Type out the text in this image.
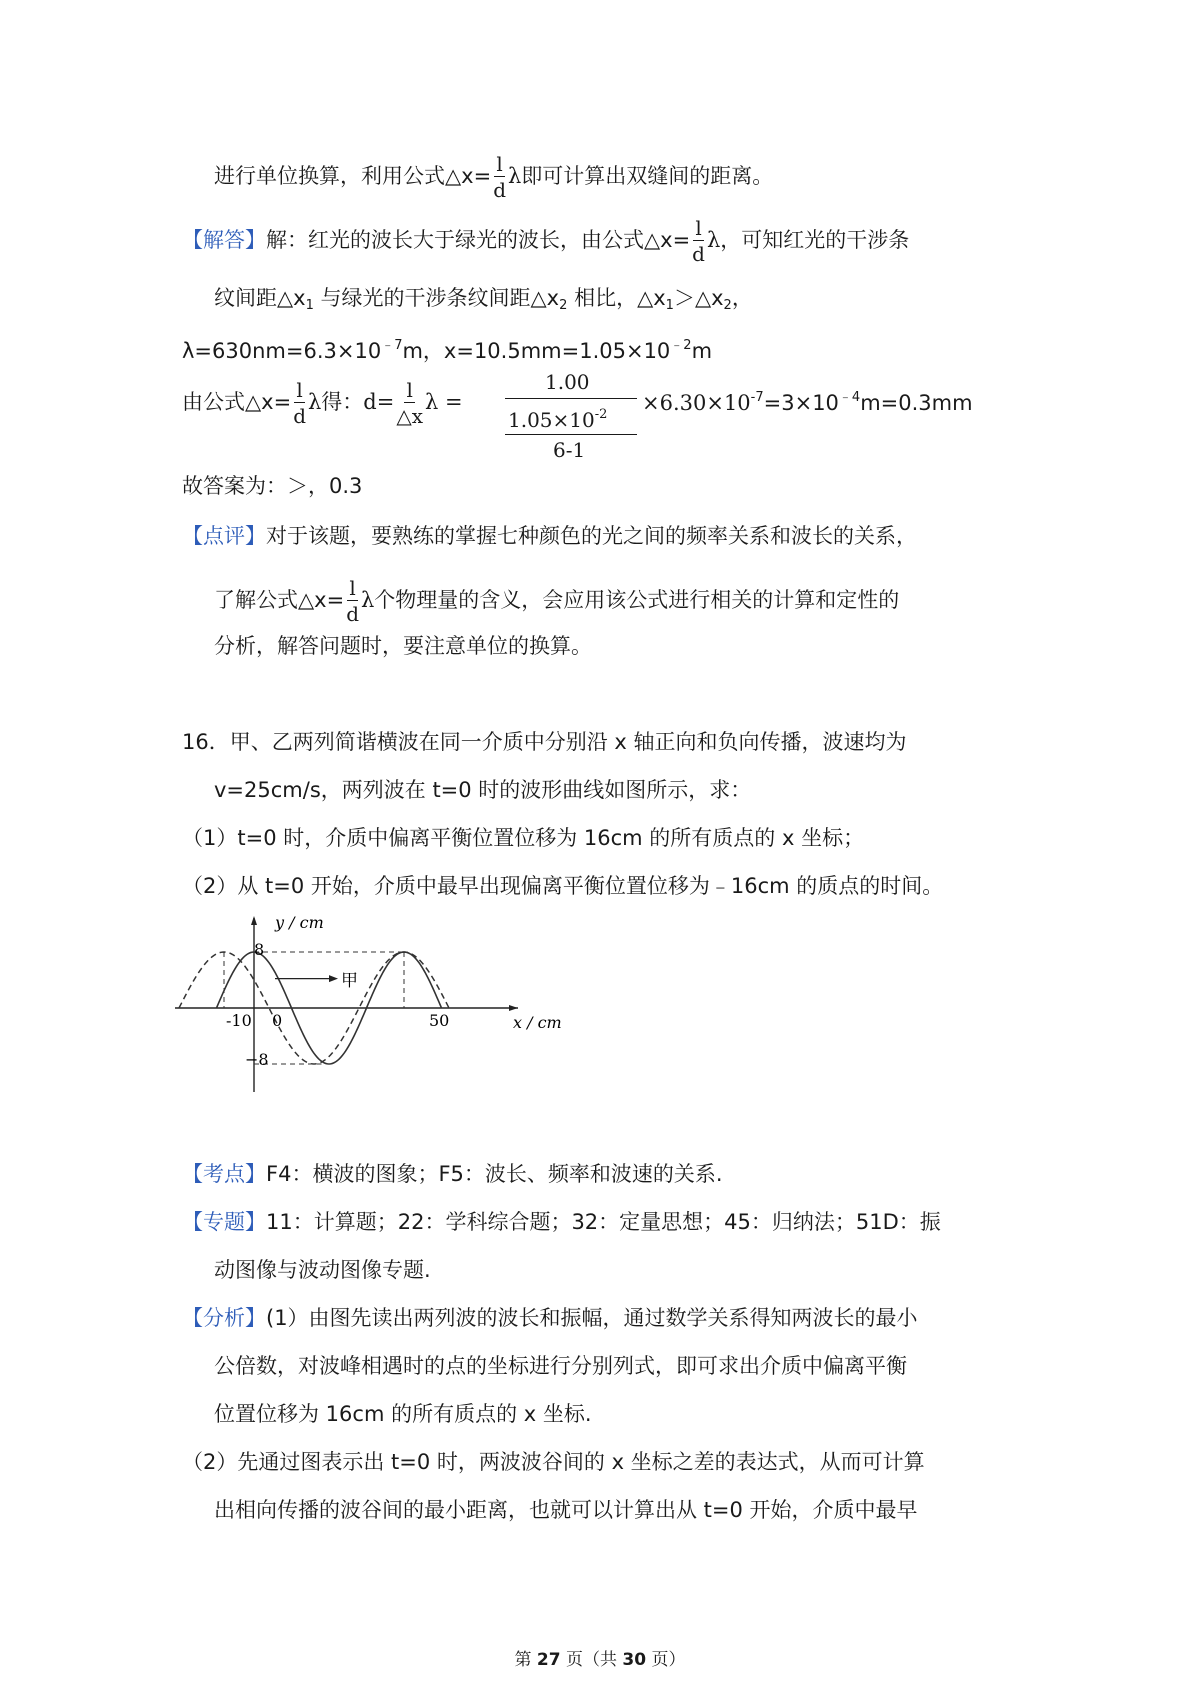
进行单位换算，利用公式△x= $\frac{l}{d}$ λ即可计算出双缝间的距离。
【解答】解：红光的波长大于绿光的波长，由公式△x= $\frac{l}{d}$ λ，可知红光的干涉条
纹间距$\triangle x_1$ 与绿光的干涉条纹间距$\triangle x_2$ 相比，$\triangle x_1>\triangle x_2$，
$\lambda=630nm=6.3\times 10^{﹣7}m$，$x=10.5mm=1.05\times 10^{﹣2}m$
由公式△x= $\frac{l}{d}$ λ得：$d= \frac{l}{\triangle x}$ λ =
1.00
$1.05\times 10^{-2}$
6-1
$\times 6.30\times 10^{-7}=3\times 10^{﹣4}m=0.3mm$
故答案为：＞，0.3
【点评】对于该题，要熟练的掌握七种颜色的光之间的频率关系和波长的关系，
了解公式△x= $\frac{l}{d}$ λ个物理量的含义，会应用该公式进行相关的计算和定性的
分析，解答问题时，要注意单位的换算。
16．甲、乙两列简谐横波在同一介质中分别沿 x 轴正向和负向传播，波速均为
v=25cm/s，两列波在 t=0 时的波形曲线如图所示，求：
（1）t=0 时，介质中偏离平衡位置位移为 16cm 的所有质点的 x 坐标；
（2）从 t=0 开始，介质中最早出现偏离平衡位置位移为﹣16cm 的质点的时间。
y / cm
x / cm
8
−8
-10 0	50
甲
【考点】F4：横波的图象；F5：波长、频率和波速的关系.
【专题】11：计算题；22：学科综合题；32：定量思想；45：归纳法；51D：振
动图像与波动图像专题.
【分析】(1）由图先读出两列波的波长和振幅，通过数学关系得知两波长的最小
公倍数，对波峰相遇时的点的坐标进行分别列式，即可求出介质中偏离平衡
位置位移为 16cm 的所有质点的 x 坐标.
（2）先通过图表示出 t=0 时，两波波谷间的 x 坐标之差的表达式，从而可计算
出相向传播的波谷间的最小距离，也就可以计算出从 t=0 开始，介质中最早
第 27 页（共 30 页）
